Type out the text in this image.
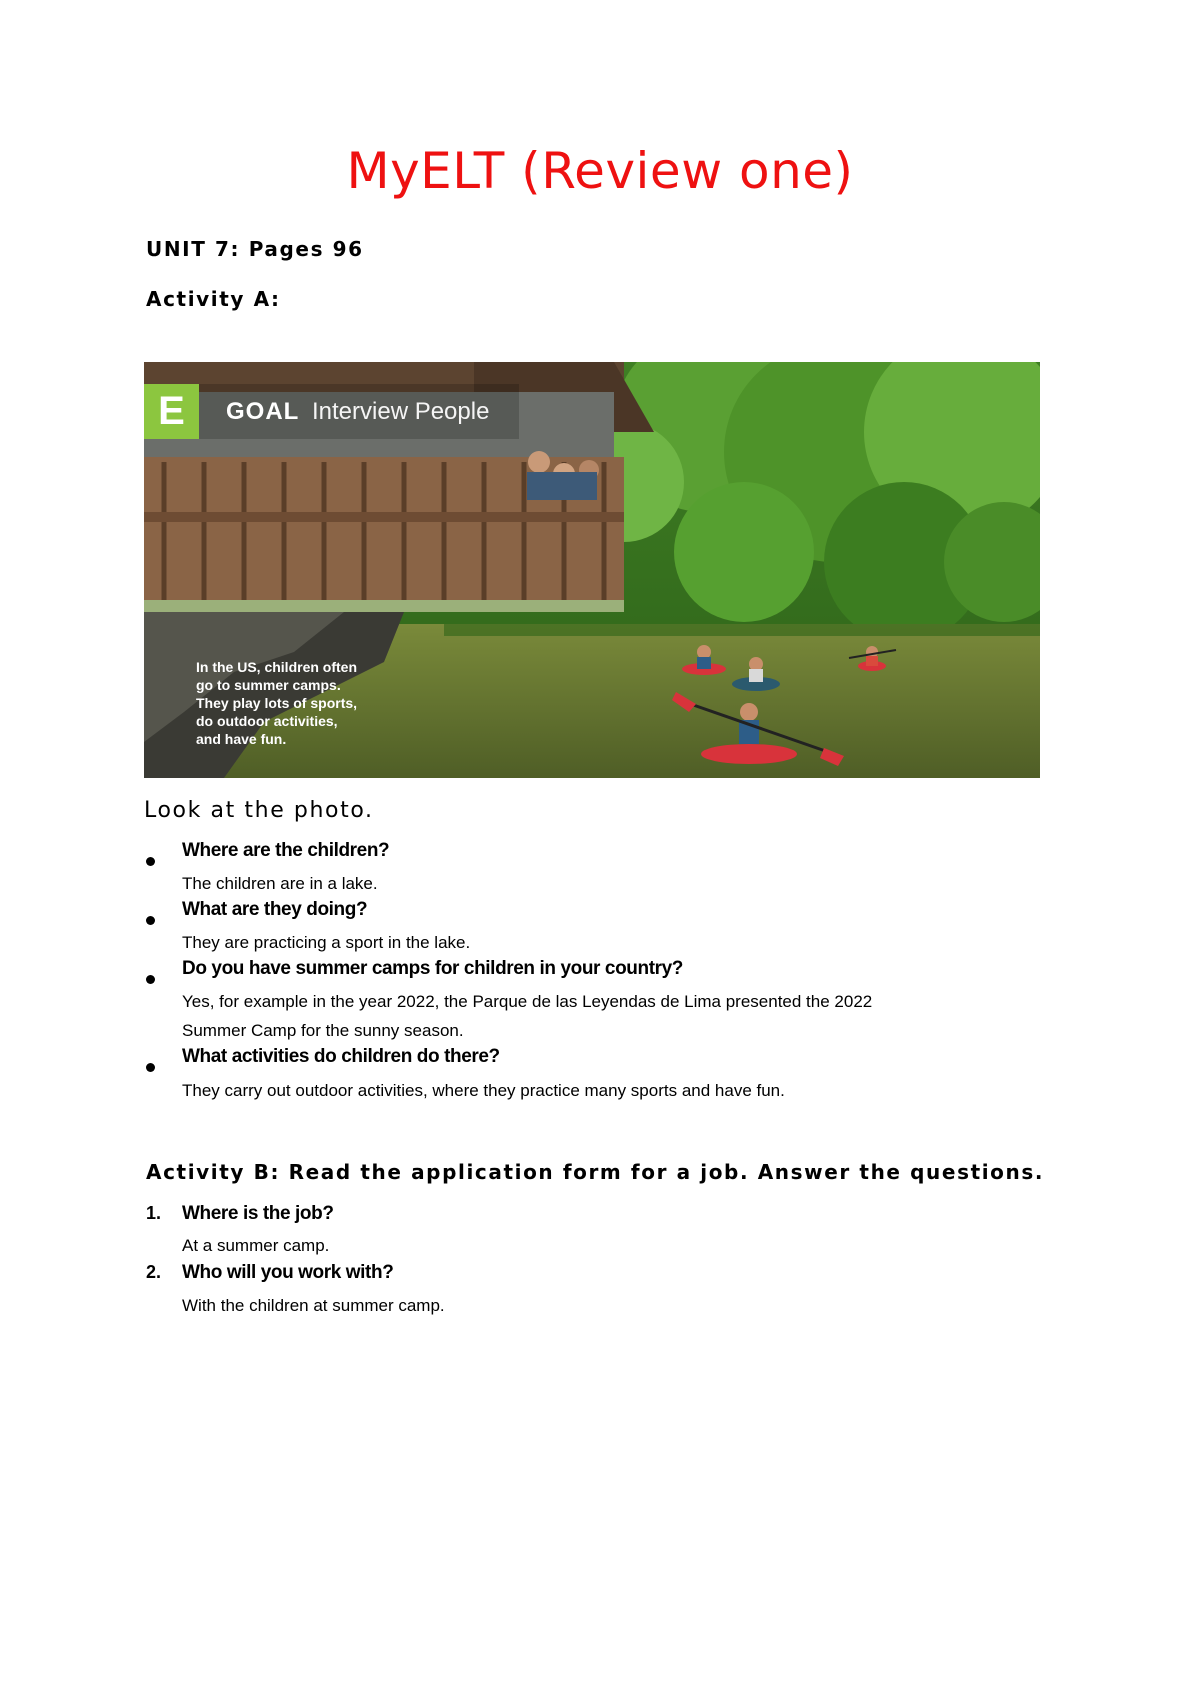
MyELT (Review one)
UNIT 7: Pages 96
Activity A:
E	GOAL Interview People
In the US, children often
go to summer camps.
They play lots of sports,
do outdoor activities,
and have fun.
Look at the photo.
Where are the children?
The children are in a lake.
What are they doing?
They are practicing a sport in the lake.
Do you have summer camps for children in your country?
Yes, for example in the year 2022, the Parque de las Leyendas de Lima presented the 2022
Summer Camp for the sunny season.
What activities do children do there?
They carry out outdoor activities, where they practice many sports and have fun.
Activity B: Read the application form for a job. Answer the questions.
1. Where is the job?
At a summer camp.
2. Who will you work with?
With the children at summer camp.
